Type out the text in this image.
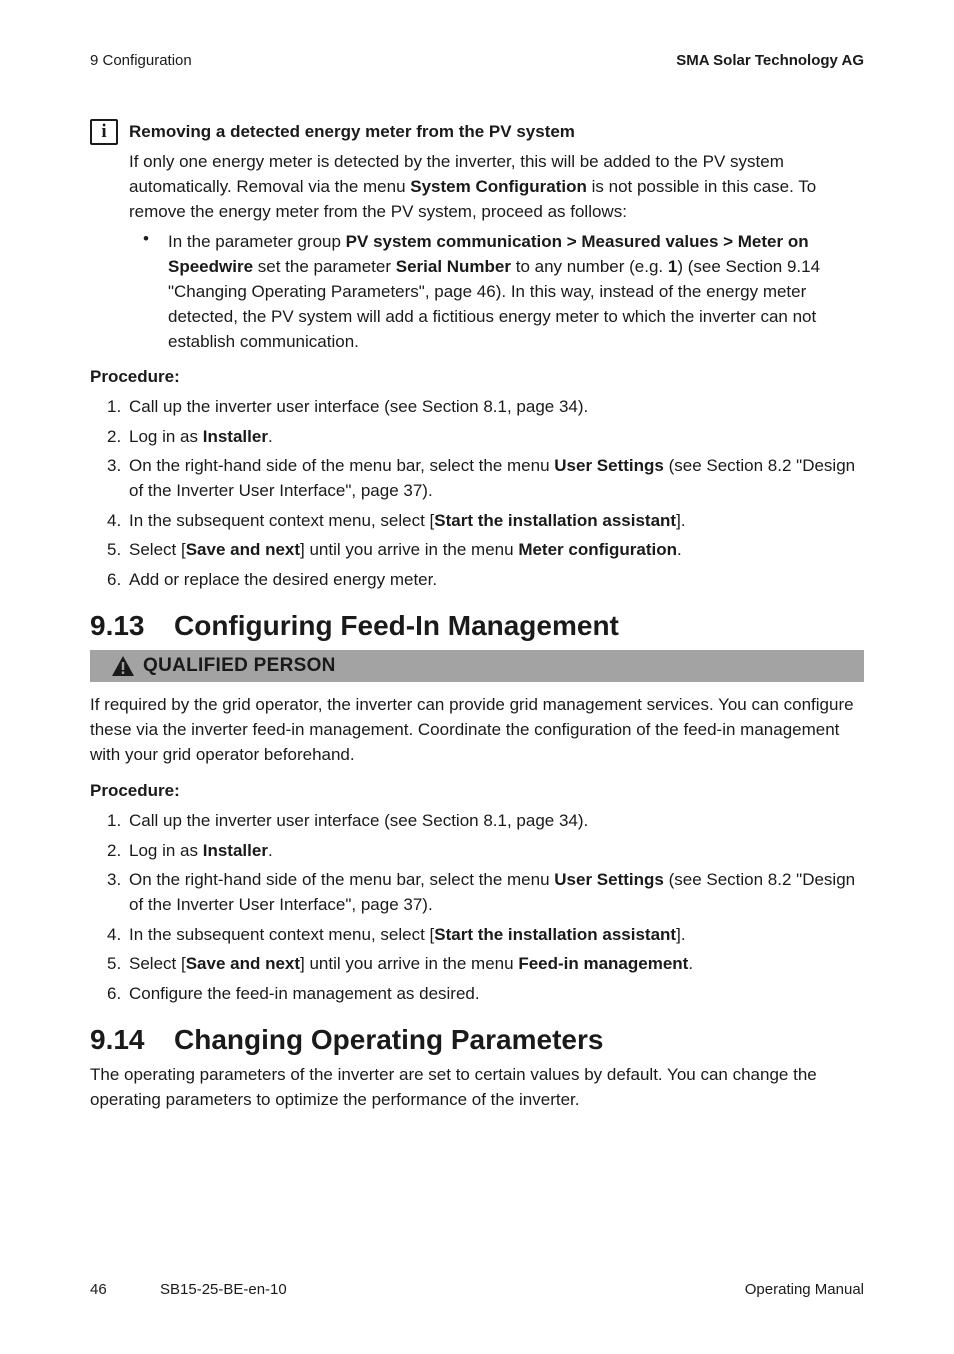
9 Configuration	SMA Solar Technology AG
i	Removing a detected energy meter from the PV system
If only one energy meter is detected by the inverter, this will be added to the PV system automatically. Removal via the menu System Configuration is not possible in this case. To remove the energy meter from the PV system, proceed as follows:
• In the parameter group PV system communication > Measured values > Meter on Speedwire set the parameter Serial Number to any number (e.g. 1) (see Section 9.14 "Changing Operating Parameters", page 46). In this way, instead of the energy meter detected, the PV system will add a fictitious energy meter to which the inverter can not establish communication.
Procedure:
1. Call up the inverter user interface (see Section 8.1, page 34).
2. Log in as Installer.
3. On the right-hand side of the menu bar, select the menu User Settings (see Section 8.2 "Design of the Inverter User Interface", page 37).
4. In the subsequent context menu, select [Start the installation assistant].
5. Select [Save and next] until you arrive in the menu Meter configuration.
6. Add or replace the desired energy meter.
9.13 Configuring Feed-In Management
QUALIFIED PERSON
If required by the grid operator, the inverter can provide grid management services. You can configure these via the inverter feed-in management. Coordinate the configuration of the feed-in management with your grid operator beforehand.
Procedure:
1. Call up the inverter user interface (see Section 8.1, page 34).
2. Log in as Installer.
3. On the right-hand side of the menu bar, select the menu User Settings (see Section 8.2 "Design of the Inverter User Interface", page 37).
4. In the subsequent context menu, select [Start the installation assistant].
5. Select [Save and next] until you arrive in the menu Feed-in management.
6. Configure the feed-in management as desired.
9.14 Changing Operating Parameters
The operating parameters of the inverter are set to certain values by default. You can change the operating parameters to optimize the performance of the inverter.
46	SB15-25-BE-en-10	Operating Manual
